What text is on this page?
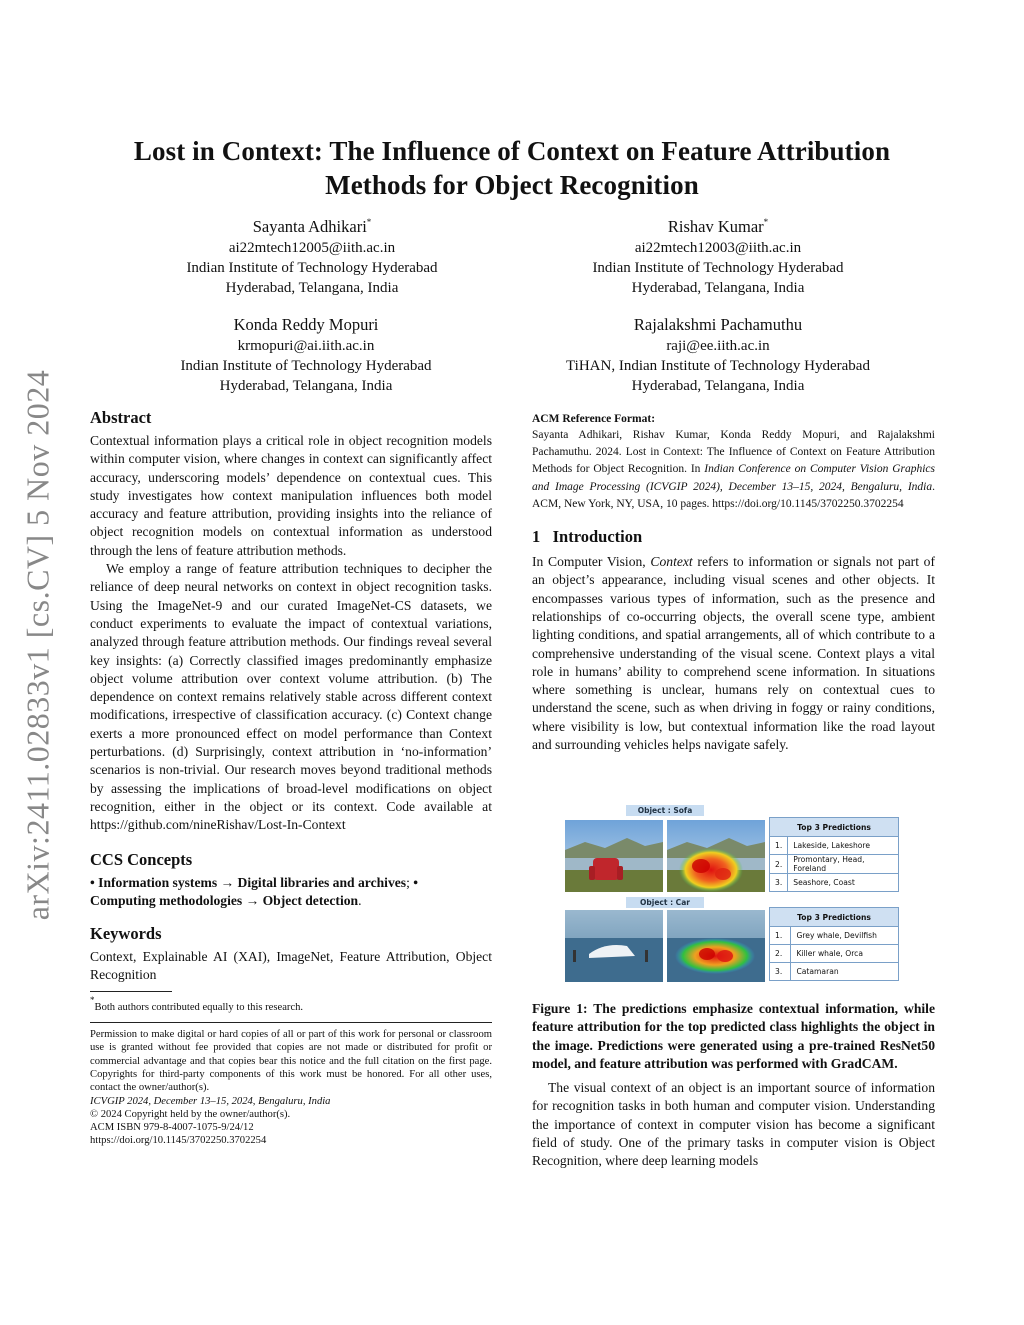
arXiv:2411.02833v1 [cs.CV] 5 Nov 2024
Lost in Context: The Influence of Context on Feature Attribution
Methods for Object Recognition
Sayanta Adhikari*
ai22mtech12005@iith.ac.in
Indian Institute of Technology Hyderabad
Hyderabad, Telangana, India
Rishav Kumar*
ai22mtech12003@iith.ac.in
Indian Institute of Technology Hyderabad
Hyderabad, Telangana, India
Konda Reddy Mopuri
krmopuri@ai.iith.ac.in
Indian Institute of Technology Hyderabad
Hyderabad, Telangana, India
Rajalakshmi Pachamuthu
raji@ee.iith.ac.in
TiHAN, Indian Institute of Technology Hyderabad
Hyderabad, Telangana, India
Abstract

Contextual information plays a critical role in object recognition models within computer vision, where changes in context can significantly affect accuracy, underscoring models’ dependence on contextual cues. This study investigates how context manipulation influences both model accuracy and feature attribution, providing insights into the reliance of object recognition models on contextual information as understood through the lens of feature attribution methods.

We employ a range of feature attribution techniques to decipher the reliance of deep neural networks on context in object recognition tasks. Using the ImageNet-9 and our curated ImageNet-CS datasets, we conduct experiments to evaluate the impact of contextual variations, analyzed through feature attribution methods. Our findings reveal several key insights: (a) Correctly classified images predominantly emphasize object volume attribution over context volume attribution. (b) The dependence on context remains relatively stable across different context modifications, irrespective of classification accuracy. (c) Context change exerts a more pronounced effect on model performance than Context perturbations. (d) Surprisingly, context attribution in ‘no-information’ scenarios is non-trivial. Our research moves beyond traditional methods by assessing the implications of broad-level modifications on object recognition, either in the object or its context. Code available at https://github.com/nineRishav/Lost-In-Context

CCS Concepts
• Information systems → Digital libraries and archives; •
Computing methodologies → Object detection.
Keywords
Context, Explainable AI (XAI), ImageNet, Feature Attribution, Object Recognition
*Both authors contributed equally to this research.
Permission to make digital or hard copies of all or part of this work for personal or classroom use is granted without fee provided that copies are not made or distributed for profit or commercial advantage and that copies bear this notice and the full citation on the first page. Copyrights for third-party components of this work must be honored. For all other uses, contact the owner/author(s).
ICVGIP 2024, December 13–15, 2024, Bengaluru, India
© 2024 Copyright held by the owner/author(s).
ACM ISBN 979-8-4007-1075-9/24/12
https://doi.org/10.1145/3702250.3702254
ACM Reference Format:
Sayanta Adhikari, Rishav Kumar, Konda Reddy Mopuri, and Rajalakshmi Pachamuthu. 2024. Lost in Context: The Influence of Context on Feature Attribution Methods for Object Recognition. In Indian Conference on Computer Vision Graphics and Image Processing (ICVGIP 2024), December 13–15, 2024, Bengaluru, India. ACM, New York, NY, USA, 10 pages. https://doi.org/10.1145/3702250.3702254
1 Introduction
In Computer Vision, Context refers to information or signals not part of an object’s appearance, including visual scenes and other objects. It encompasses various types of information, such as the presence and relationships of co-occurring objects, the overall scene type, ambient lighting conditions, and spatial arrangements, all of which contribute to a comprehensive understanding of the visual scene. Context plays a vital role in humans’ ability to comprehend scene information. In situations where something is unclear, humans rely on contextual cues to understand the scene, such as when driving in foggy or rainy conditions, where visibility is low, but contextual information like the road layout and surrounding vehicles helps navigate safely.
Object : Sofa
Top 3 Predictions	
1.	Lakeside, Lakeshore
2.	Promontary, Head, Foreland
3.	Seashore, Coast
Object : Car
Top 3 Predictions	
1.	Grey whale, Devilfish
2.	Killer whale, Orca
3.	Catamaran
Figure 1: The predictions emphasize contextual information, while feature attribution for the top predicted class highlights the object in the image. Predictions were generated using a pre-trained ResNet50 model, and feature attribution was performed with GradCAM.
The visual context of an object is an important source of information for recognition tasks in both human and computer vision. Understanding the importance of context in computer vision has become a significant field of study. One of the primary tasks in computer vision is Object Recognition, where deep learning models
